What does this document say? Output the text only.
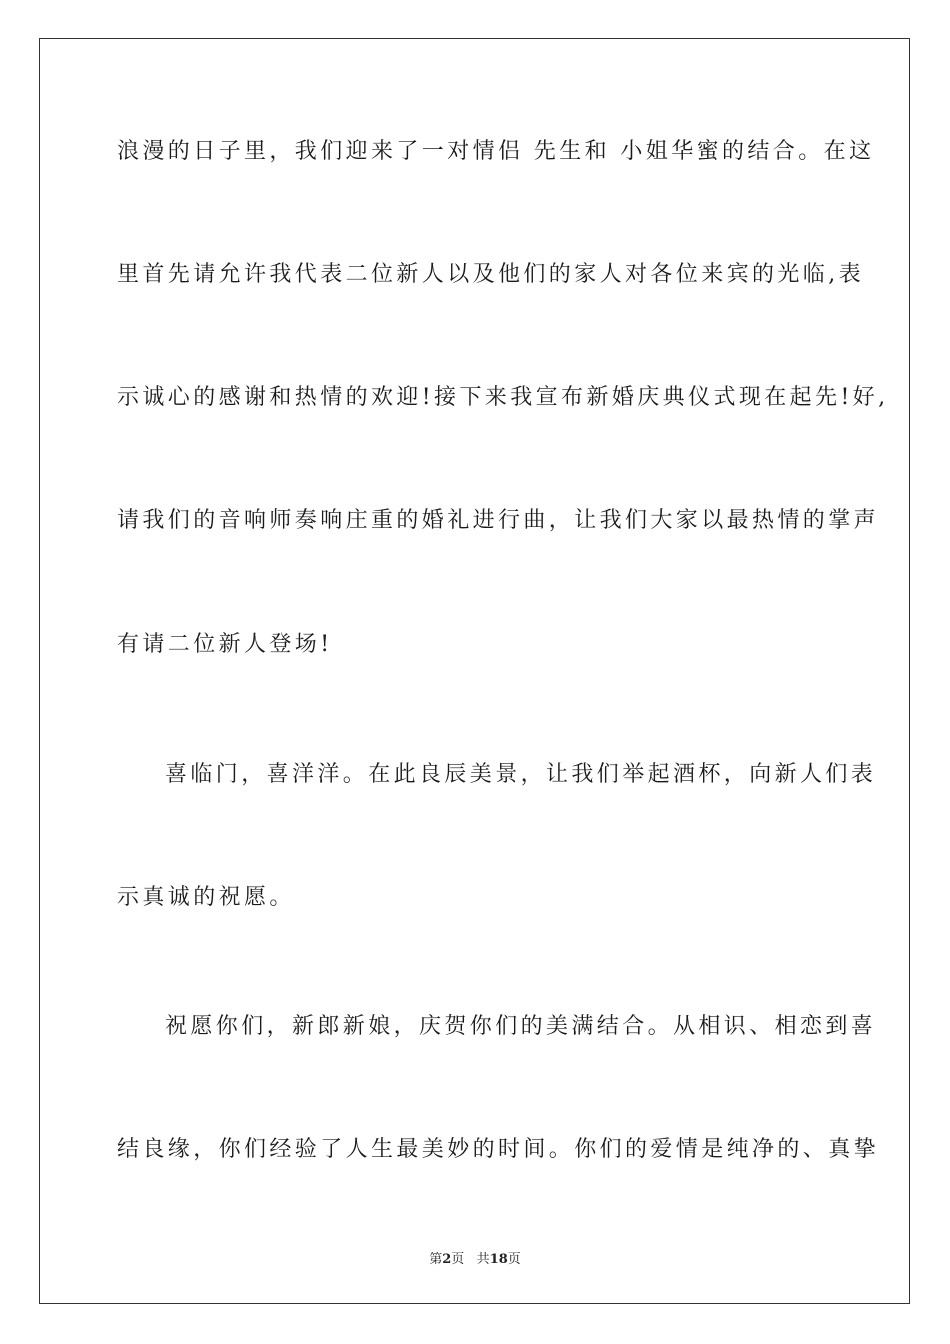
浪漫的日子里，我们迎来了一对情侣 先生和 小姐华蜜的结合。在这
里首先请允许我代表二位新人以及他们的家人对各位来宾的光临,表
示诚心的感谢和热情的欢迎!接下来我宣布新婚庆典仪式现在起先!好,
请我们的音响师奏响庄重的婚礼进行曲，让我们大家以最热情的掌声
有请二位新人登场!
喜临门，喜洋洋。在此良辰美景，让我们举起酒杯，向新人们表
示真诚的祝愿。
祝愿你们，新郎新娘，庆贺你们的美满结合。从相识、相恋到喜
结良缘，你们经验了人生最美妙的时间。你们的爱情是纯净的、真挚
第2页 共18页
